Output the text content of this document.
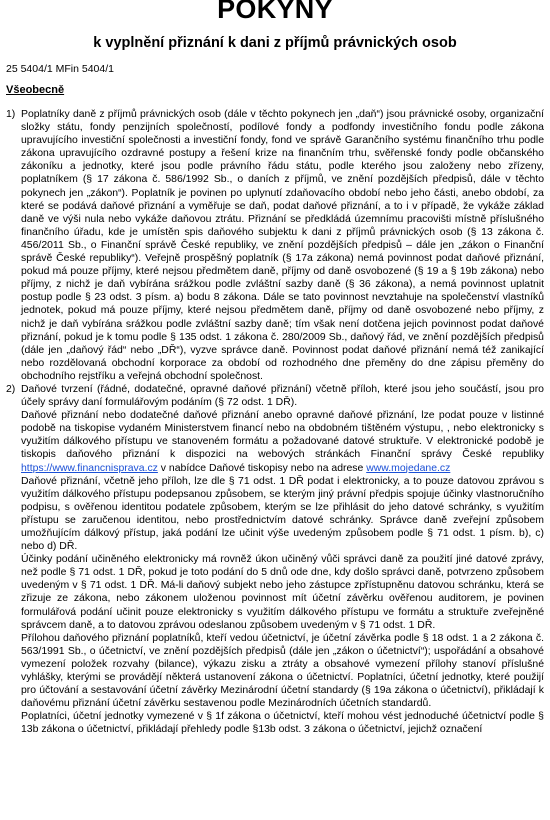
POKYNY
k vyplnění přiznání k dani z příjmů právnických osob
25 5404/1 MFin 5404/1
Všeobecně
1) Poplatníky daně z příjmů právnických osob (dále v těchto pokynech jen „daň“) jsou právnické osoby, organizační složky státu, fondy penzijních společností, podílové fondy a podfondy investičního fondu podle zákona upravujícího investiční společnosti a investiční fondy, fond ve správě Garančního systému finančního trhu podle zákona upravujícího ozdravné postupy a řešení krize na finančním trhu, svěřenské fondy podle občanského zákoníku a jednotky, které jsou podle právního řádu státu, podle kterého jsou založeny nebo zřízeny, poplatníkem (§ 17 zákona č. 586/1992 Sb., o daních z příjmů, ve znění pozdějších předpisů, dále v těchto pokynech jen „zákon“). Poplatník je povinen po uplynutí zdaňovacího období nebo jeho části, anebo období, za které se podává daňové přiznání a vyměřuje se daň, podat daňové přiznání, a to i v případě, že vykáže základ daně ve výši nula nebo vykáže daňovou ztrátu. Přiznání se předkládá územnímu pracovišti místně příslušného finančního úřadu, kde je umístěn spis daňového subjektu k dani z příjmů právnických osob (§ 13 zákona č. 456/2011 Sb., o Finanční správě České republiky, ve znění pozdějších předpisů – dále jen „zákon o Finanční správě České republiky“). Veřejně prospěšný poplatník (§ 17a zákona) nemá povinnost podat daňové přiznání, pokud má pouze příjmy, které nejsou předmětem daně, příjmy od daně osvobozené (§ 19 a § 19b zákona) nebo příjmy, z nichž je daň vybírána srážkou podle zvláštní sazby daně (§ 36 zákona), a nemá povinnost uplatnit postup podle § 23 odst. 3 písm. a) bodu 8 zákona. Dále se tato povinnost nevztahuje na společenství vlastníků jednotek, pokud má pouze příjmy, které nejsou předmětem daně, příjmy od daně osvobozené nebo příjmy, z nichž je daň vybírána srážkou podle zvláštní sazby daně; tím však není dotčena jejich povinnost podat daňové přiznání, pokud je k tomu podle § 135 odst. 1 zákona č. 280/2009 Sb., daňový řád, ve znění pozdějších předpisů (dále jen „daňový řád“ nebo „DŘ“), vyzve správce daně. Povinnost podat daňové přiznání nemá též zanikající nebo rozdělovaná obchodní korporace za období od rozhodného dne přeměny do dne zápisu přeměny do obchodního rejstříku a veřejná obchodní společnost.

2) Daňové tvrzení (řádné, dodatečné, opravné daňové přiznání) včetně příloh, které jsou jeho součástí, jsou pro účely správy daní formulářovým podáním (§ 72 odst. 1 DŘ).

Daňové přiznání nebo dodatečné daňové přiznání anebo opravné daňové přiznání, lze podat pouze v listinné podobě na tiskopise vydaném Ministerstvem financí nebo na obdobném tištěném výstupu, , nebo elektronicky s využitím dálkového přístupu ve stanoveném formátu a požadované datové struktuře. V elektronické podobě je tiskopis daňového přiznání k dispozici na webových stránkách Finanční správy České republiky https://www.financnisprava.cz v nabídce Daňové tiskopisy nebo na adrese www.mojedane.cz

Daňové přiznání, včetně jeho příloh, lze dle § 71 odst. 1 DŘ podat i elektronicky, a to pouze datovou zprávou s využitím dálkového přístupu podepsanou způsobem, se kterým jiný právní předpis spojuje účinky vlastnoručního podpisu, s ověřenou identitou podatele způsobem, kterým se lze přihlásit do jeho datové schránky, s využitím přístupu se zaručenou identitou, nebo prostřednictvím datové schránky. Správce daně zveřejní způsobem umožňujícím dálkový přístup, jaká podání lze učinit výše uvedeným způsobem podle § 71 odst. 1 písm. b), c) nebo d) DŘ.

Účinky podání učiněného elektronicky má rovněž úkon učiněný vůči správci daně za použití jiné datové zprávy, než podle § 71 odst. 1 DŘ, pokud je toto podání do 5 dnů ode dne, kdy došlo správci daně, potvrzeno způsobem uvedeným v § 71 odst. 1 DŘ. Má-li daňový subjekt nebo jeho zástupce zpřístupněnu datovou schránku, která se zřizuje ze zákona, nebo zákonem uloženou povinnost mít účetní závěrku ověřenou auditorem, je povinen formulářová podání učinit pouze elektronicky s využitím dálkového přístupu ve formátu a struktuře zveřejněné správcem daně, a to datovou zprávou odeslanou způsobem uvedeným v § 71 odst. 1 DŘ.

Přílohou daňového přiznání poplatníků, kteří vedou účetnictví, je účetní závěrka podle § 18 odst. 1 a 2 zákona č. 563/1991 Sb., o účetnictví, ve znění pozdějších předpisů (dále jen „zákon o účetnictví“); uspořádání a obsahové vymezení položek rozvahy (bilance), výkazu zisku a ztráty a obsahové vymezení přílohy stanoví příslušné vyhlášky, kterými se provádějí některá ustanovení zákona o účetnictví. Poplatníci, účetní jednotky, které použijí pro účtování a sestavování účetní závěrky Mezinárodní účetní standardy (§ 19a zákona o účetnictví), přikládají k daňovému přiznání účetní závěrku sestavenou podle Mezinárodních účetních standardů.

Poplatníci, účetní jednotky vymezené v § 1f zákona o účetnictví, kteří mohou vést jednoduché účetnictví podle § 13b zákona o účetnictví, přikládají přehledy podle §13b odst. 3 zákona o účetnictví, jejichž označení
